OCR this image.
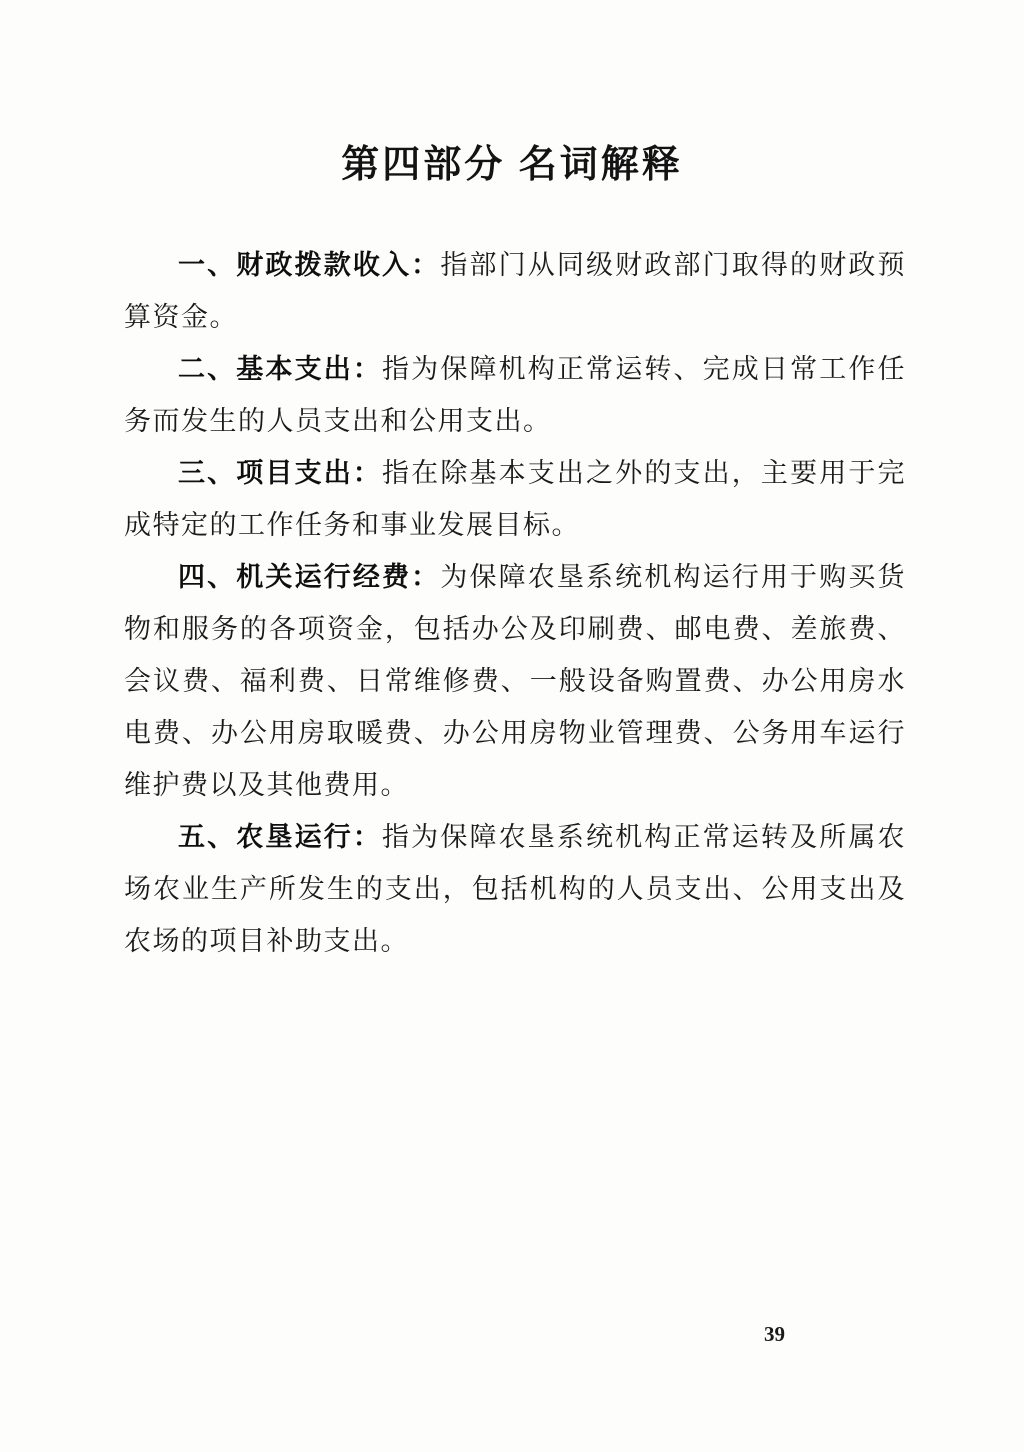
第四部分 名词解释

一、财政拨款收入：指部门从同级财政部门取得的财政预算资金。

二、基本支出：指为保障机构正常运转、完成日常工作任务而发生的人员支出和公用支出。

三、项目支出：指在除基本支出之外的支出，主要用于完成特定的工作任务和事业发展目标。

四、机关运行经费：为保障农垦系统机构运行用于购买货物和服务的各项资金，包括办公及印刷费、邮电费、差旅费、会议费、福利费、日常维修费、一般设备购置费、办公用房水电费、办公用房取暖费、办公用房物业管理费、公务用车运行维护费以及其他费用。

五、农垦运行：指为保障农垦系统机构正常运转及所属农场农业生产所发生的支出，包括机构的人员支出、公用支出及农场的项目补助支出。

39
